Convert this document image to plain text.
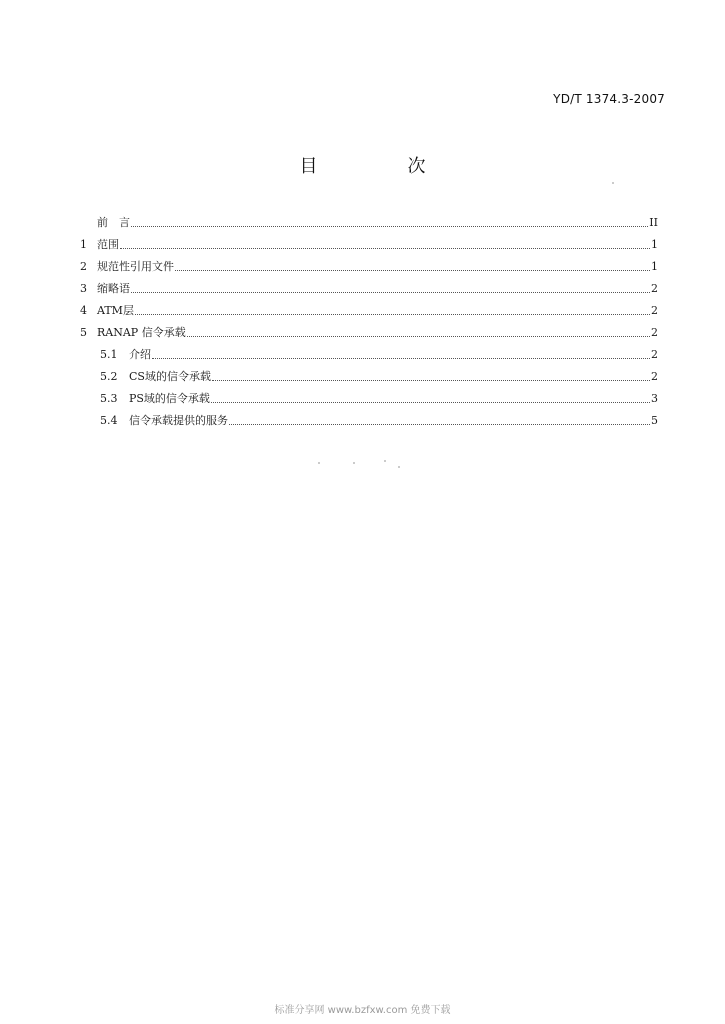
YD/T 1374.3-2007
目　次
前　言	II
1 范围	1
2 规范性引用文件	1
3 缩略语	2
4 ATM层	2
5 RANAP 信令承载	2
5.1	介绍	2
5.2	CS域的信令承载	2
5.3	PS域的信令承载	3
5.4	信令承载提供的服务	5
标准分享网 www.bzfxw.com 免费下载
